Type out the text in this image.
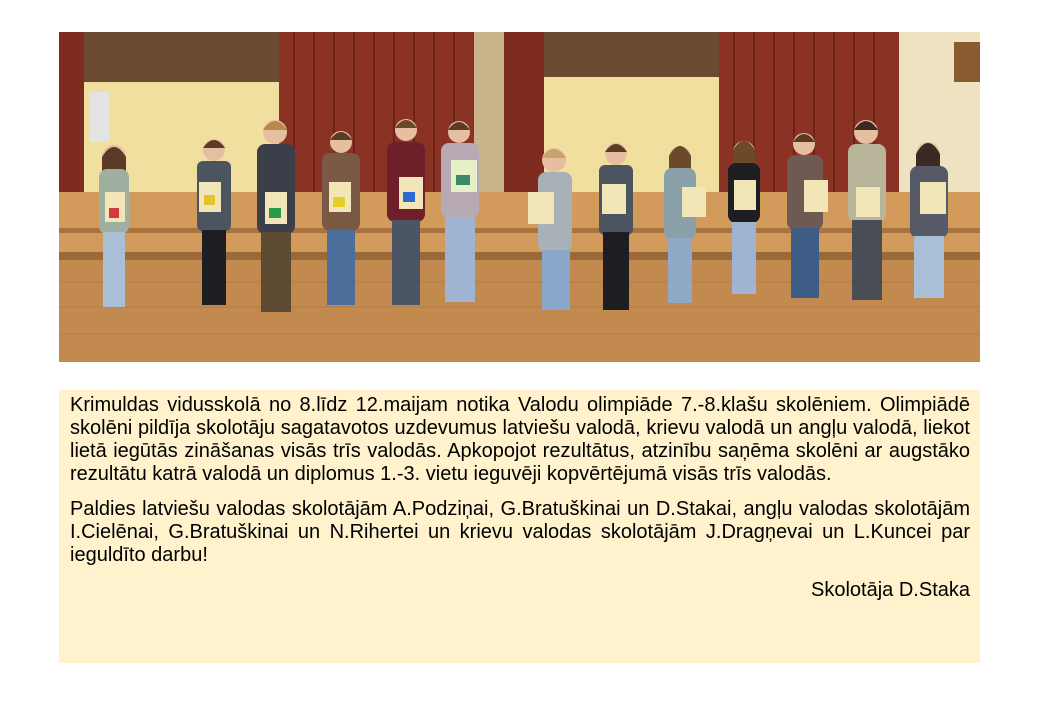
Krimuldas vidusskolā no 8.līdz 12.maijam notika Valodu olimpiāde 7.-8.klašu skolēniem. Olimpiādē skolēni pildīja skolotāju sagatavotos uzdevumus latviešu valodā, krievu valodā un angļu valodā, liekot lietā iegūtās zināšanas visās trīs valodās. Apkopojot rezultātus, atzinību saņēma skolēni ar augstāko rezultātu katrā valodā un diplomus 1.-3. vietu ieguvēji kopvērtējumā visās trīs valodās.

Paldies latviešu valodas skolotājām A.Podziņai, G.Bratuškinai un D.Stakai, angļu valodas skolotājām I.Cielēnai, G.Bratuškinai un N.Rihertei un krievu valodas skolotājām J.Dragņevai un L.Kuncei par ieguldīto darbu!

Skolotāja D.Staka
